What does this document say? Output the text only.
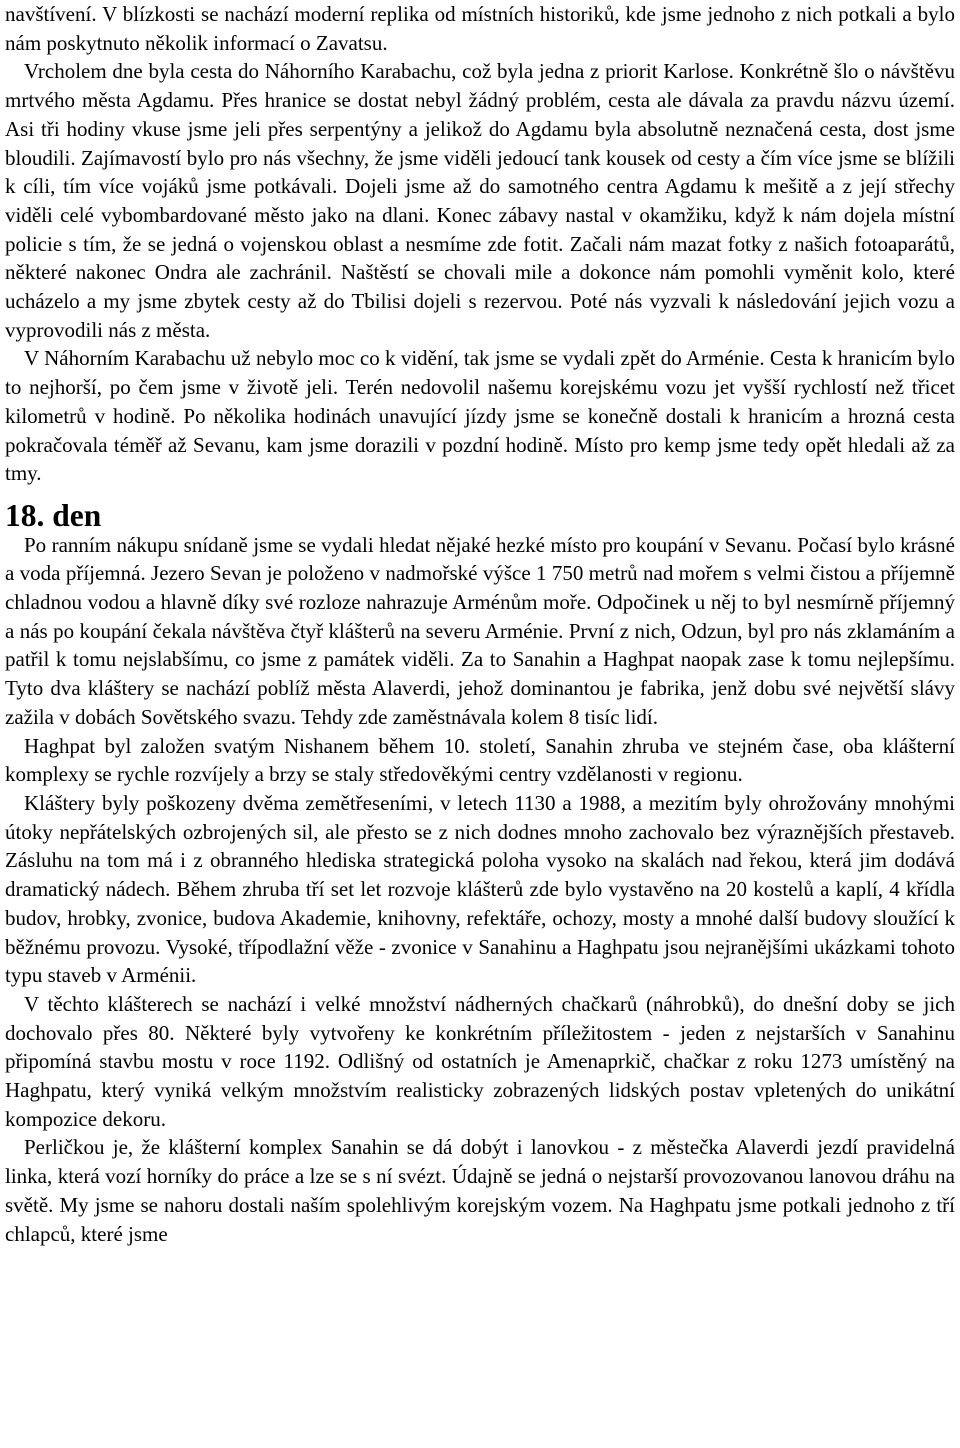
navštívení. V blízkosti se nachází moderní replika od místních historiků, kde jsme jednoho z nich potkali a bylo nám poskytnuto několik informací o Zavatsu.

Vrcholem dne byla cesta do Náhorního Karabachu, což byla jedna z priorit Karlose. Konkrétně šlo o návštěvu mrtvého města Agdamu. Přes hranice se dostat nebyl žádný problém, cesta ale dávala za pravdu názvu území. Asi tři hodiny vkuse jsme jeli přes serpentýny a jelikož do Agdamu byla absolutně neznačená cesta, dost jsme bloudili. Zajímavostí bylo pro nás všechny, že jsme viděli jedoucí tank kousek od cesty a čím více jsme se blížili k cíli, tím více vojáků jsme potkávali. Dojeli jsme až do samotného centra Agdamu k mešitě a z její střechy viděli celé vybombardované město jako na dlani. Konec zábavy nastal v okamžiku, když k nám dojela místní policie s tím, že se jedná o vojenskou oblast a nesmíme zde fotit. Začali nám mazat fotky z našich fotoaparátů, některé nakonec Ondra ale zachránil. Naštěstí se chovali mile a dokonce nám pomohli vyměnit kolo, které ucházelo a my jsme zbytek cesty až do Tbilisi dojeli s rezervou. Poté nás vyzvali k následování jejich vozu a vyprovodili nás z města.

V Náhorním Karabachu už nebylo moc co k vidění, tak jsme se vydali zpět do Arménie. Cesta k hranicím bylo to nejhorší, po čem jsme v životě jeli. Terén nedovolil našemu korejskému vozu jet vyšší rychlostí než třicet kilometrů v hodině. Po několika hodinách unavující jízdy jsme se konečně dostali k hranicím a hrozná cesta pokračovala téměř až Sevanu, kam jsme dorazili v pozdní hodině. Místo pro kemp jsme tedy opět hledali až za tmy.

18. den

Po ranním nákupu snídaně jsme se vydali hledat nějaké hezké místo pro koupání v Sevanu. Počasí bylo krásné a voda příjemná. Jezero Sevan je položeno v nadmořské výšce 1 750 metrů nad mořem s velmi čistou a příjemně chladnou vodou a hlavně díky své rozloze nahrazuje Arménům moře. Odpočinek u něj to byl nesmírně příjemný a nás po koupání čekala návštěva čtyř klášterů na severu Arménie. První z nich, Odzun, byl pro nás zklamáním a patřil k tomu nejslabšímu, co jsme z památek viděli. Za to Sanahin a Haghpat naopak zase k tomu nejlepšímu. Tyto dva kláštery se nachází poblíž města Alaverdi, jehož dominantou je fabrika, jenž dobu své největší slávy zažila v dobách Sovětského svazu. Tehdy zde zaměstnávala kolem 8 tisíc lidí.

Haghpat byl založen svatým Nishanem během 10. století, Sanahin zhruba ve stejném čase, oba klášterní komplexy se rychle rozvíjely a brzy se staly středověkými centry vzdělanosti v regionu.

Kláštery byly poškozeny dvěma zemětřeseními, v letech 1130 a 1988, a mezitím byly ohrožovány mnohými útoky nepřátelských ozbrojených sil, ale přesto se z nich dodnes mnoho zachovalo bez výraznějších přestaveb. Zásluhu na tom má i z obranného hlediska strategická poloha vysoko na skalách nad řekou, která jim dodává dramatický nádech. Během zhruba tří set let rozvoje klášterů zde bylo vystavěno na 20 kostelů a kaplí, 4 křídla budov, hrobky, zvonice, budova Akademie, knihovny, refektáře, ochozy, mosty a mnohé další budovy sloužící k běžnému provozu. Vysoké, třípodlažní věže - zvonice v Sanahinu a Haghpatu jsou nejranějšími ukázkami tohoto typu staveb v Arménii.

V těchto klášterech se nachází i velké množství nádherných chačkarů (náhrobků), do dnešní doby se jich dochovalo přes 80. Některé byly vytvořeny ke konkrétním příležitostem - jeden z nejstarších v Sanahinu připomíná stavbu mostu v roce 1192. Odlišný od ostatních je Amenaprkič, chačkar z roku 1273 umístěný na Haghpatu, který vyniká velkým množstvím realisticky zobrazených lidských postav vpletených do unikátní kompozice dekoru.

Perličkou je, že klášterní komplex Sanahin se dá dobýt i lanovkou - z městečka Alaverdi jezdí pravidelná linka, která vozí horníky do práce a lze se s ní svézt. Údajně se jedná o nejstarší provozovanou lanovou dráhu na světě. My jsme se nahoru dostali naším spolehlivým korejským vozem. Na Haghpatu jsme potkali jednoho z tří chlapců, které jsme
